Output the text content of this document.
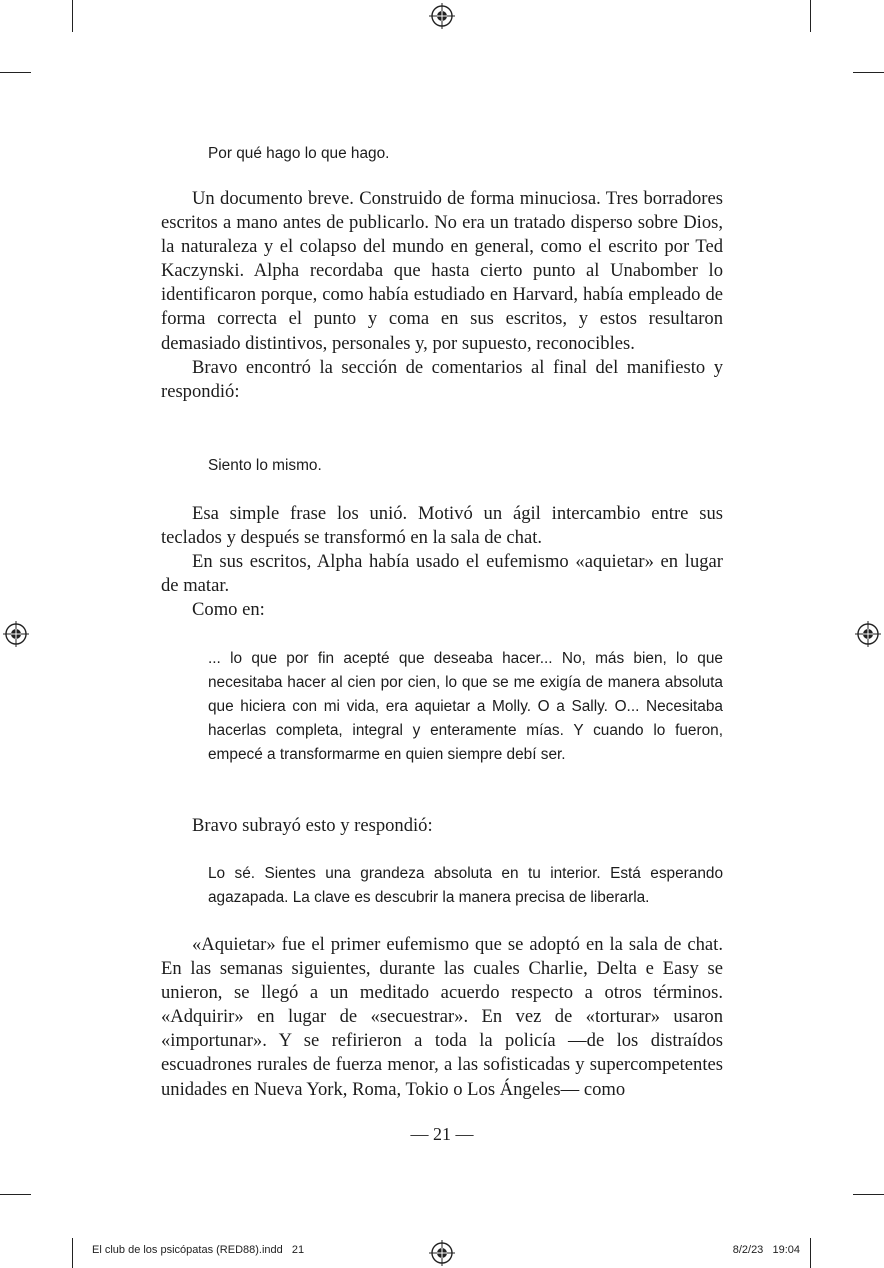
Por qué hago lo que hago.

Un documento breve. Construido de forma minuciosa. Tres borradores escritos a mano antes de publicarlo. No era un tratado disperso sobre Dios, la naturaleza y el colapso del mundo en general, como el escrito por Ted Kaczynski. Alpha recordaba que hasta cierto punto al Unabomber lo identificaron porque, como había estudiado en Harvard, había empleado de forma correcta el punto y coma en sus escritos, y estos resultaron demasiado distintivos, personales y, por supuesto, reconocibles.

Bravo encontró la sección de comentarios al final del manifiesto y respondió:

Siento lo mismo.

Esa simple frase los unió. Motivó un ágil intercambio entre sus teclados y después se transformó en la sala de chat.

En sus escritos, Alpha había usado el eufemismo «aquietar» en lugar de matar.

Como en:

... lo que por fin acepté que deseaba hacer... No, más bien, lo que necesitaba hacer al cien por cien, lo que se me exigía de manera absoluta que hiciera con mi vida, era aquietar a Molly. O a Sally. O... Necesitaba hacerlas completa, integral y enteramente mías. Y cuando lo fueron, empecé a transformarme en quien siempre debí ser.

Bravo subrayó esto y respondió:

Lo sé. Sientes una grandeza absoluta en tu interior. Está esperando agazapada. La clave es descubrir la manera precisa de liberarla.

«Aquietar» fue el primer eufemismo que se adoptó en la sala de chat. En las semanas siguientes, durante las cuales Charlie, Delta e Easy se unieron, se llegó a un meditado acuerdo respecto a otros términos. «Adquirir» en lugar de «secuestrar». En vez de «torturar» usaron «importunar». Y se refirieron a toda la policía —de los distraídos escuadrones rurales de fuerza menor, a las sofisticadas y supercompetentes unidades en Nueva York, Roma, Tokio o Los Ángeles— como

— 21 —
El club de los psicópatas (RED88).indd   21	8/2/23   19:04
